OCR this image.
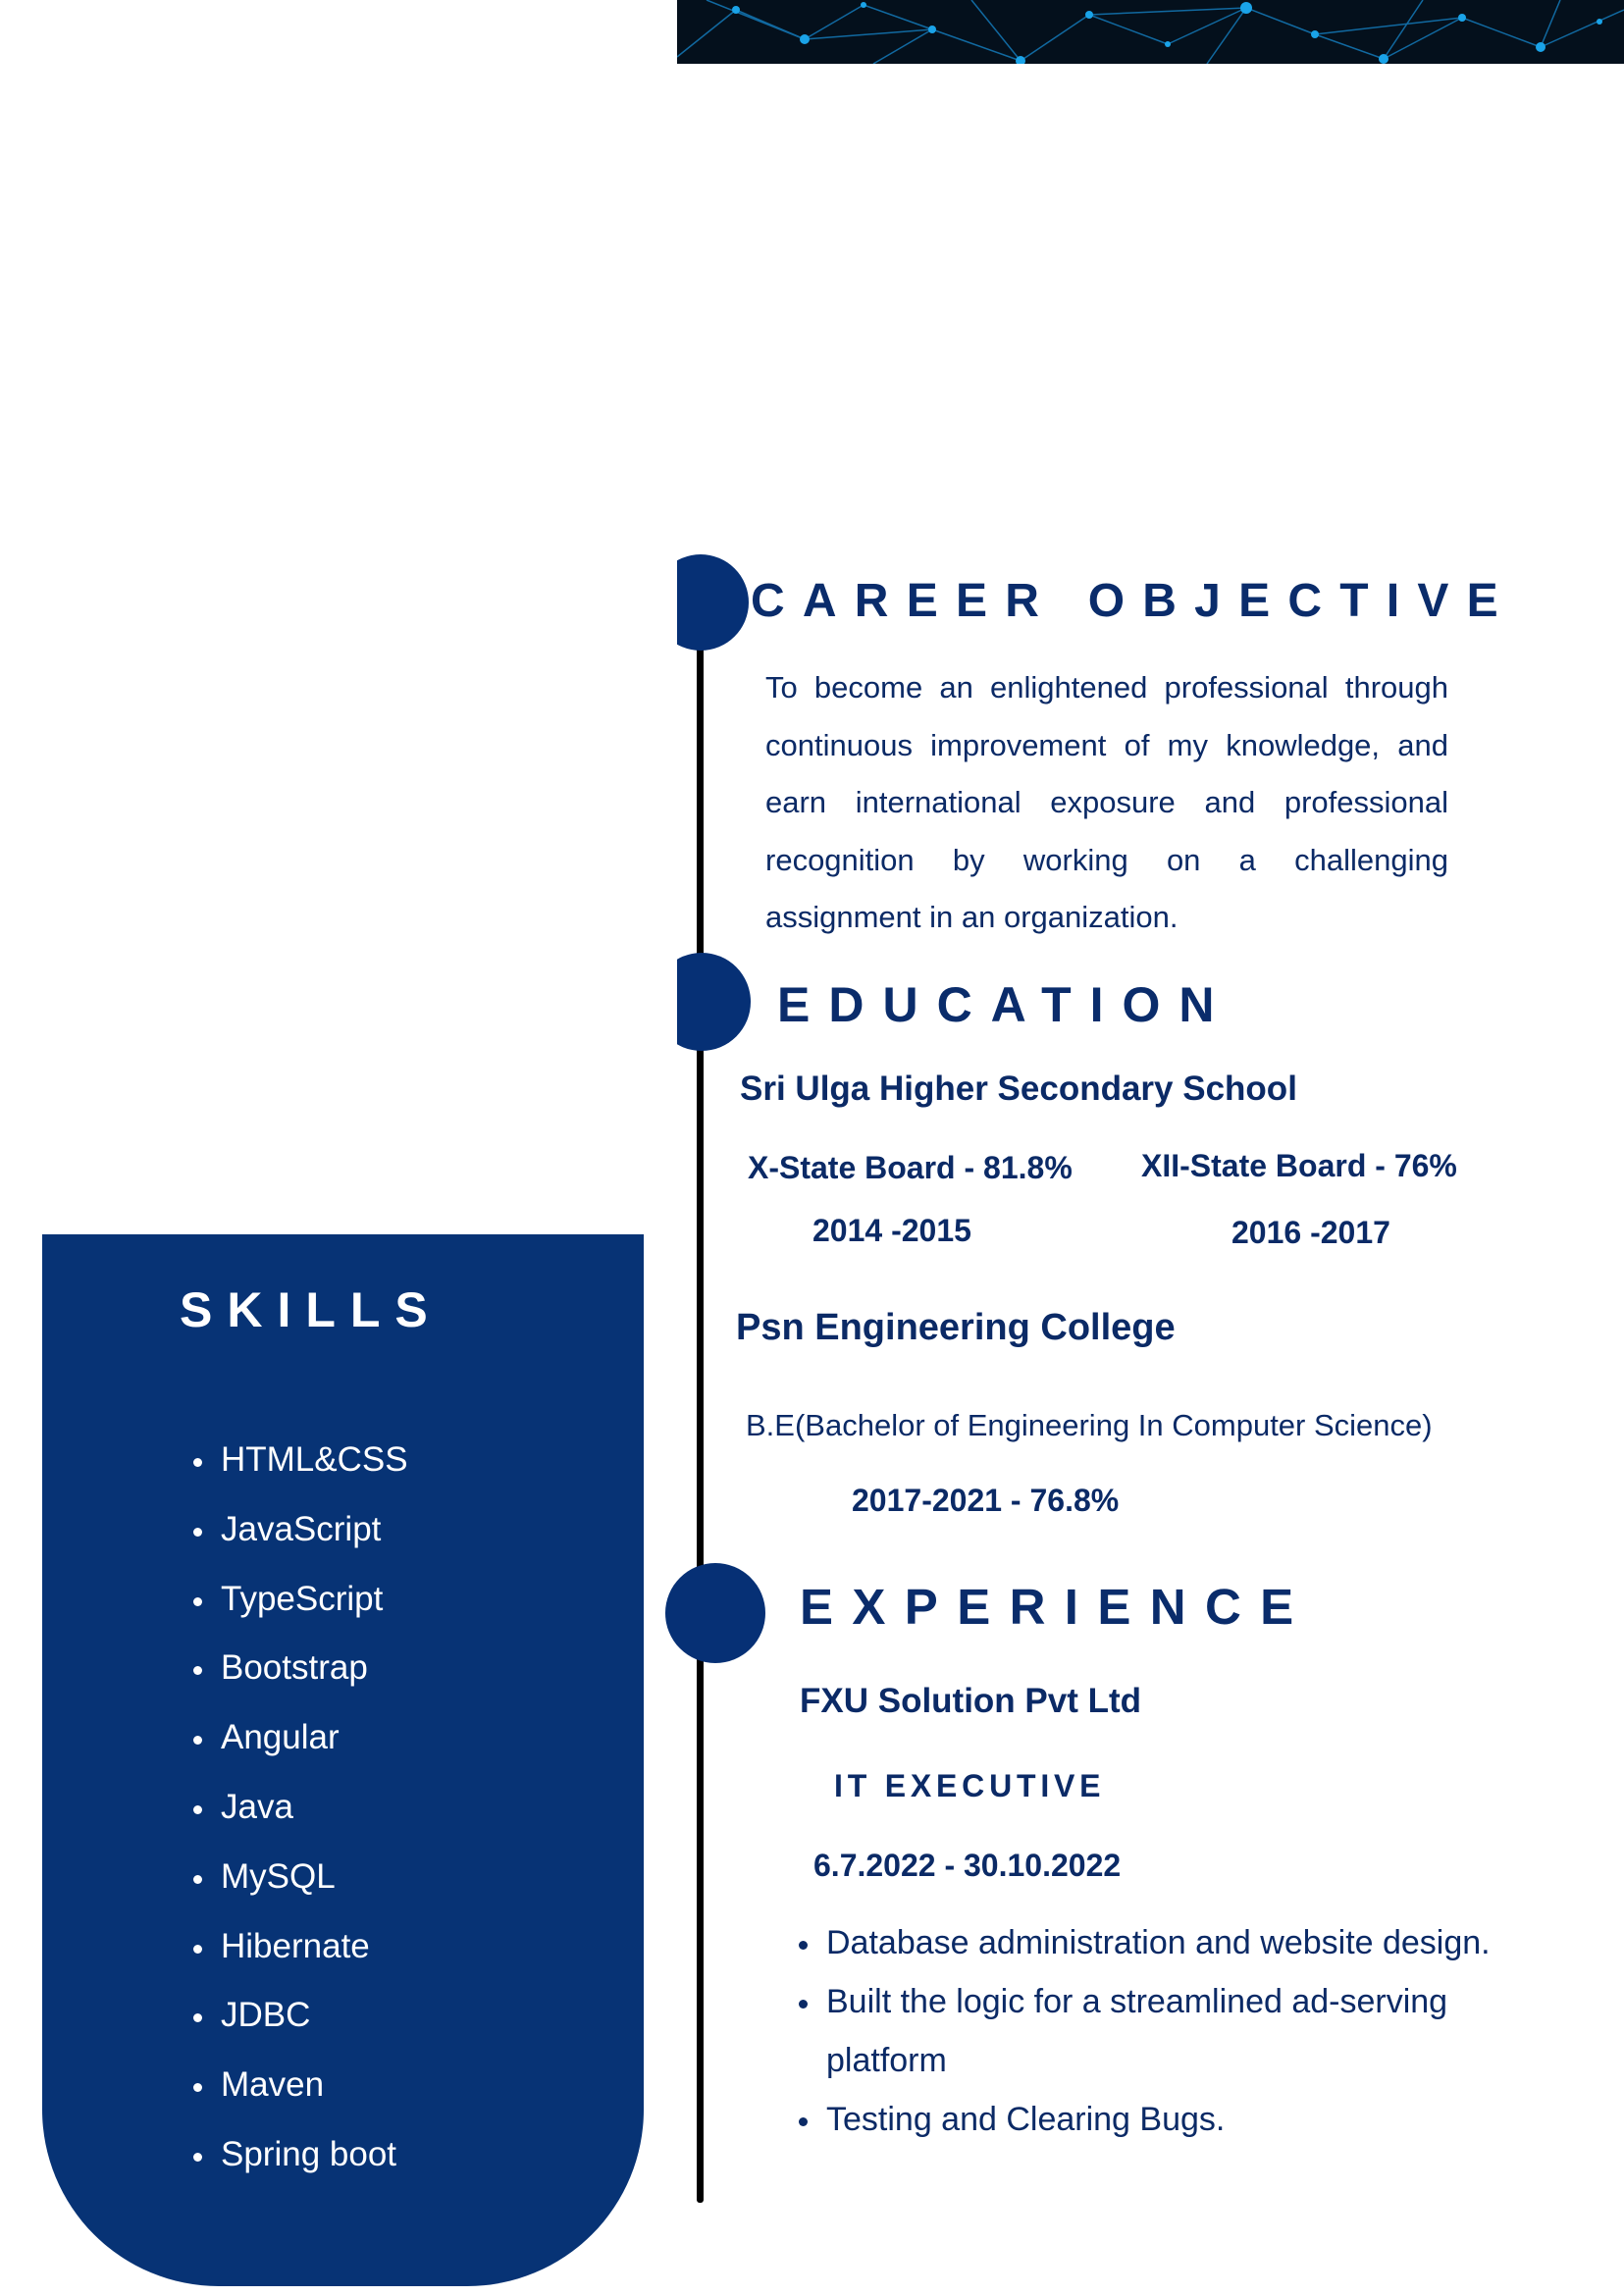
CAREER OBJECTIVE
To become an enlightened professional through continuous improvement of my knowledge, and earn international exposure and professional recognition by working on a challenging assignment in an organization.
EDUCATION
Sri Ulga Higher Secondary School
X-State Board - 81.8% XII-State Board - 76%
2014 -2015	2016 -2017
Psn Engineering College
B.E(Bachelor of Engineering In Computer Science)
2017-2021 - 76.8%
EXPERIENCE
FXU Solution Pvt Ltd
IT EXECUTIVE
6.7.2022 - 30.10.2022
• Database administration and website design.
• Built the logic for a streamlined ad-serving platform
• Testing and Clearing Bugs.
SKILLS
• HTML&CSS
• JavaScript
• TypeScript
• Bootstrap
• Angular
• Java
• MySQL
• Hibernate
• JDBC
• Maven
• Spring boot
